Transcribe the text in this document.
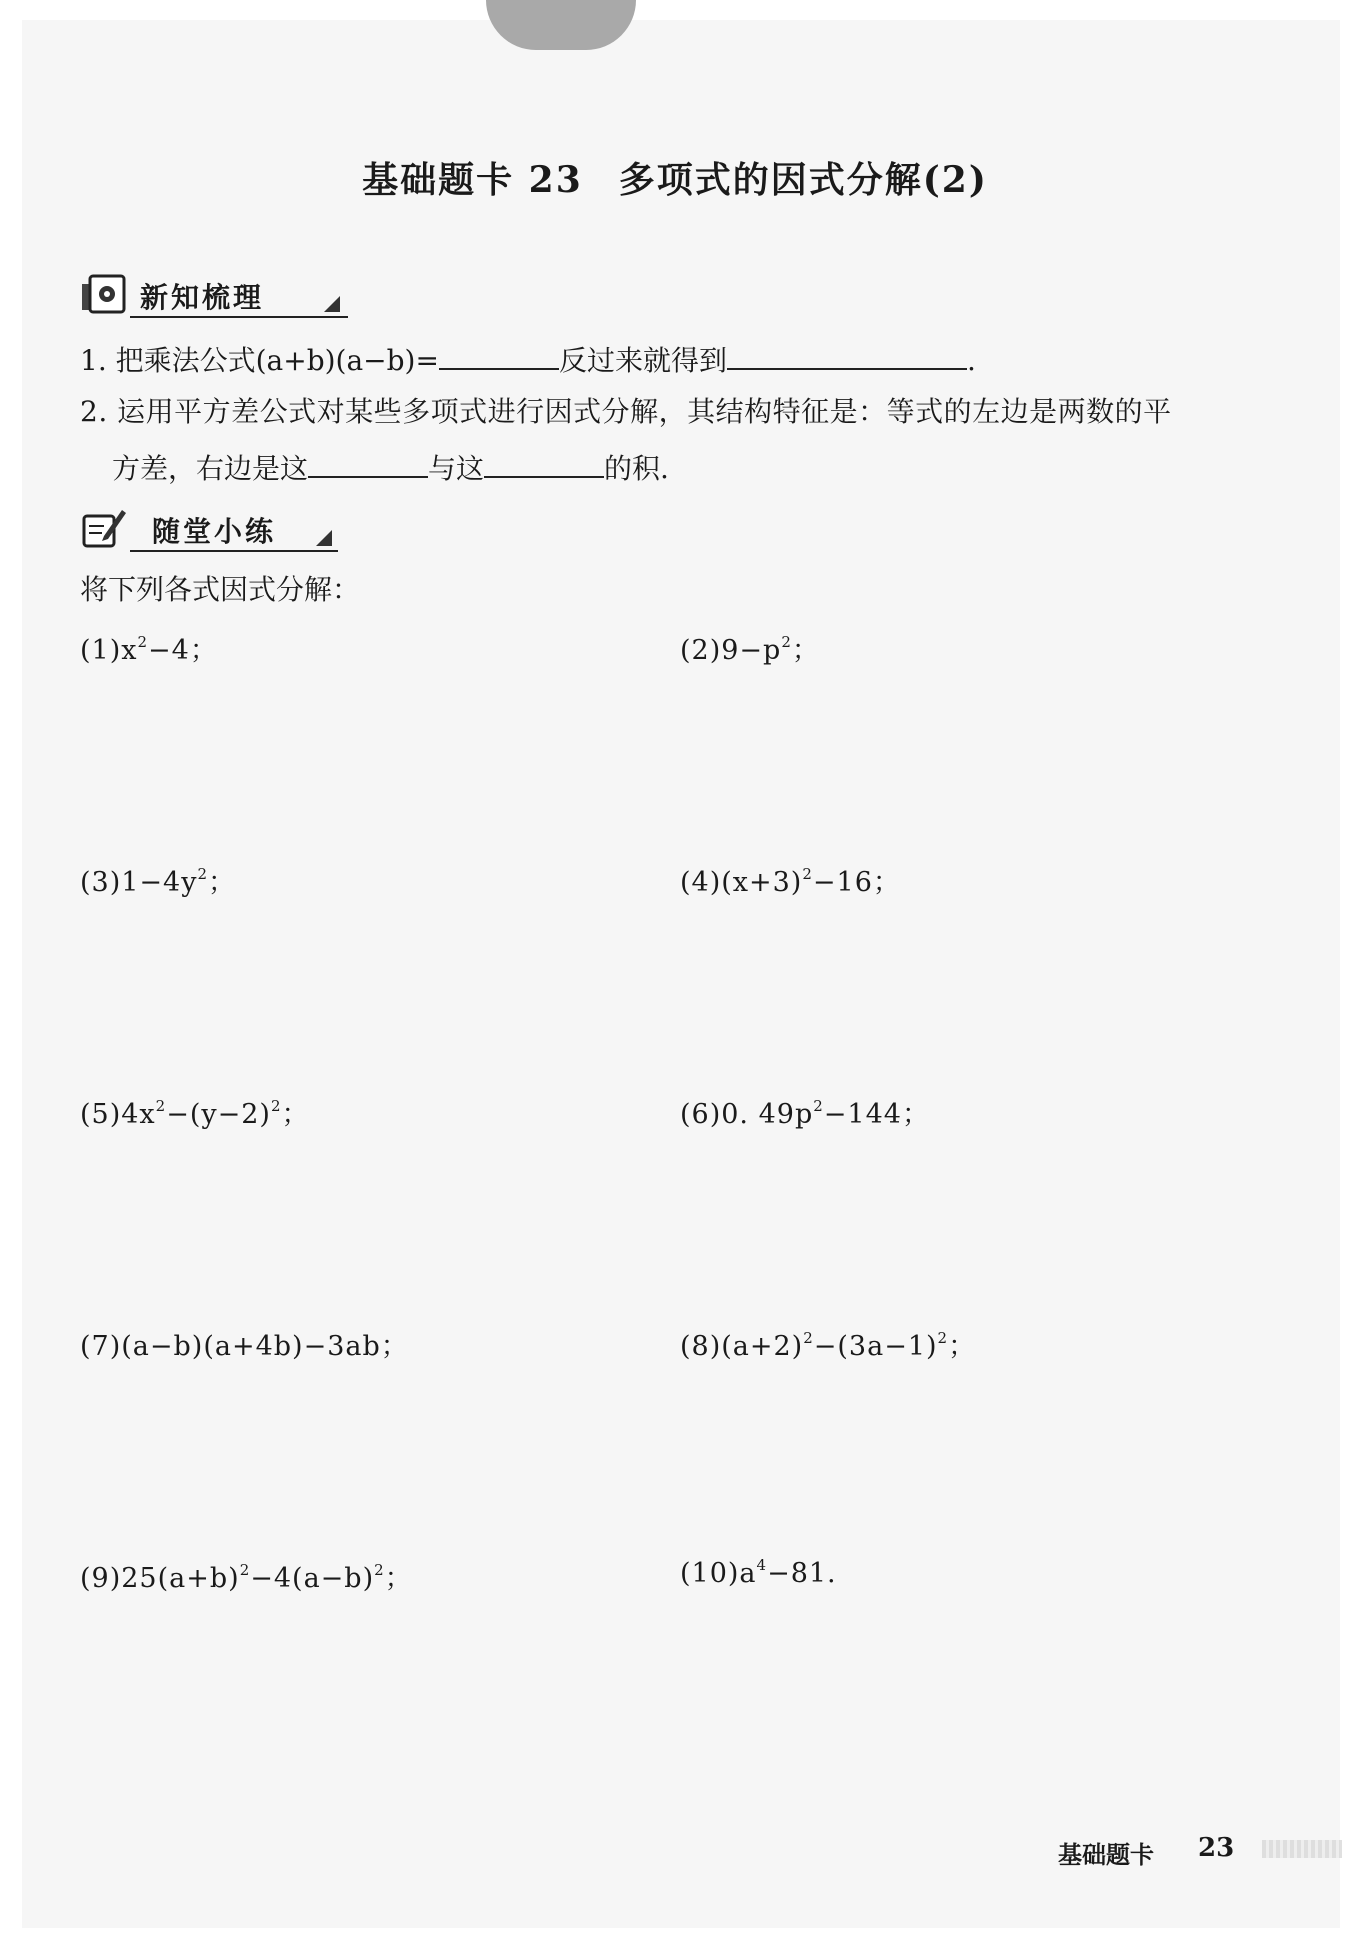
基础题卡 23 多项式的因式分解(2)
新知梳理
1. 把乘法公式(a+b)(a−b)=	反过来就得到	.
2. 运用平方差公式对某些多项式进行因式分解，其结构特征是：等式的左边是两数的平
方差，右边是这	与这	的积.
随堂小练
将下列各式因式分解：
$(1)x^2-4$；	$(2)9-p^2$；
$(3)1-4y^2$；	$(4)(x+3)^2-16$；
$(5)4x^2-(y-2)^2$；	(6)0. $49p^2-144$；
(7)(a−b)(a+4b)−3ab；	$(8)(a+2)^2-(3a-1)^2$；
$(9)25(a+b)^2-4(a-b)^2$；	$(10)a^4-81$.
基础题卡 23
